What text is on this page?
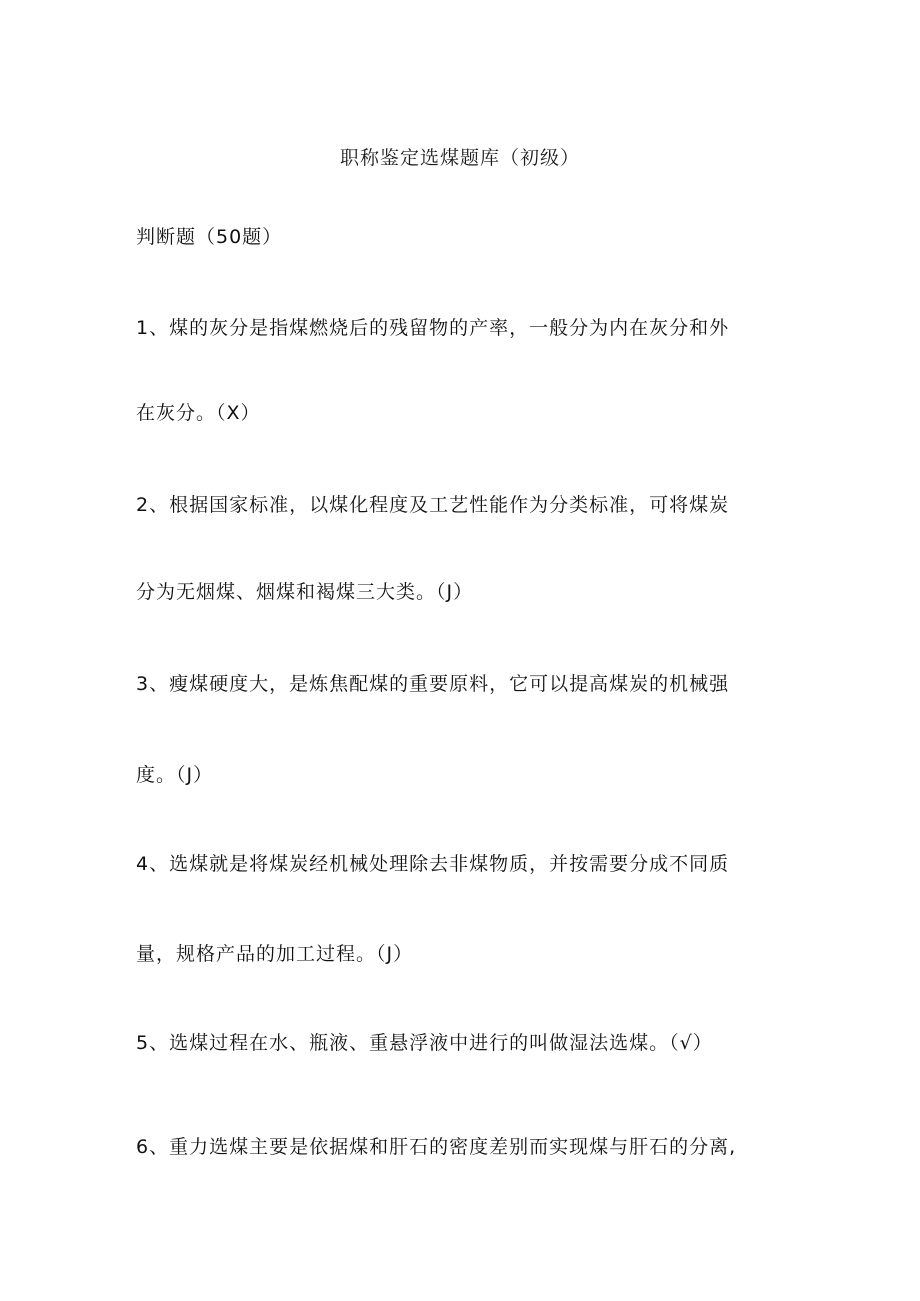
职称鉴定选煤题库（初级）
判断题（50题）
1、煤的灰分是指煤燃烧后的残留物的产率，一般分为内在灰分和外
在灰分。（X）
2、根据国家标准，以煤化程度及工艺性能作为分类标准，可将煤炭
分为无烟煤、烟煤和褐煤三大类。（J）
3、瘦煤硬度大，是炼焦配煤的重要原料，它可以提高煤炭的机械强
度。（J）
4、选煤就是将煤炭经机械处理除去非煤物质，并按需要分成不同质
量，规格产品的加工过程。（J）
5、选煤过程在水、瓶液、重悬浮液中进行的叫做湿法选煤。（√）
6、重力选煤主要是依据煤和肝石的密度差别而实现煤与肝石的分离,
